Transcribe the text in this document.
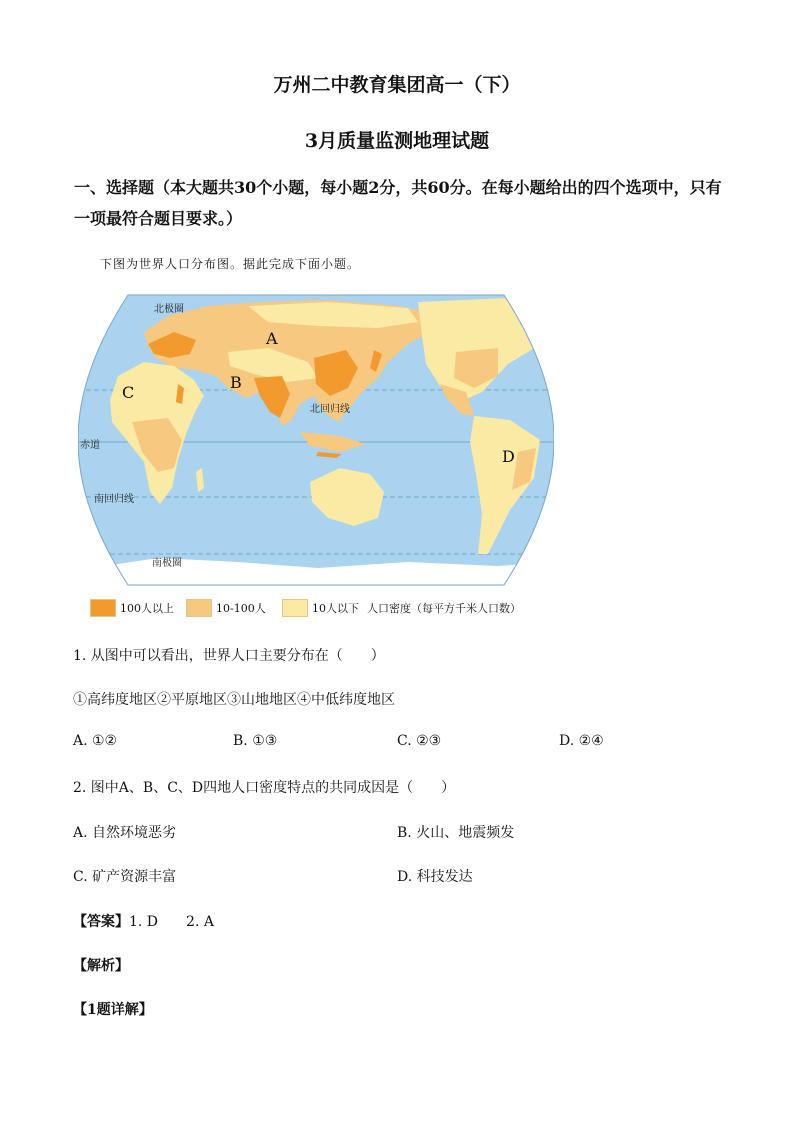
万州二中教育集团高一（下）
3月质量监测地理试题
一、选择题（本大题共30个小题，每小题2分，共60分。在每小题给出的四个选项中，只有一项最符合题目要求。）
下图为世界人口分布图。据此完成下面小题。
北极圈
北回归线
赤道
南回归线
南极圈
A
B
C
D
100人以上	10-100人	10人以下 人口密度（每平方千米人口数）
1. 从图中可以看出，世界人口主要分布在（　　）
①高纬度地区②平原地区③山地地区④中低纬度地区
A. ①②	B. ①③	C. ②③	D. ②④
2. 图中A、B、C、D四地人口密度特点的共同成因是（　　）
A. 自然环境恶劣	B. 火山、地震频发
C. 矿产资源丰富	D. 科技发达
【答案】1. D　　2. A
【解析】
【1题详解】
